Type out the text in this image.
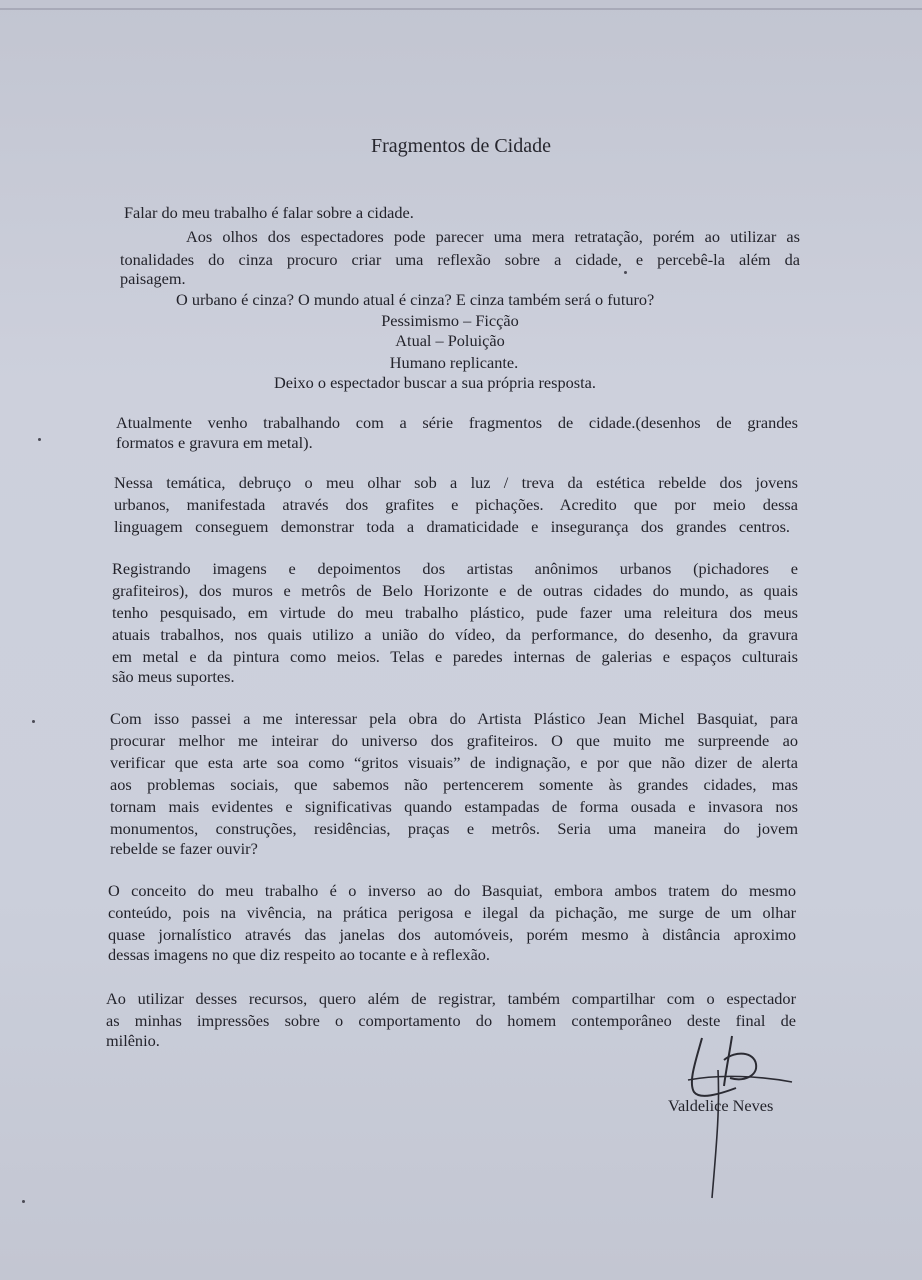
Fragmentos de Cidade
Falar do meu trabalho é falar sobre a cidade.
Aos olhos dos espectadores pode parecer uma mera retratação, porém ao utilizar as
tonalidades do cinza procuro criar uma reflexão sobre a cidade, e percebê-la além da
paisagem.
O urbano é cinza? O mundo atual é cinza? E cinza também será o futuro?
Pessimismo – Ficção
Atual – Poluição
Humano replicante.
Deixo o espectador buscar a sua própria resposta.
Atualmente venho trabalhando com a série fragmentos de cidade.(desenhos de grandes
formatos e gravura em metal).
Nessa temática, debruço o meu olhar sob a luz / treva da estética rebelde dos jovens
urbanos, manifestada através dos grafites e pichações. Acredito que por meio dessa
linguagem conseguem demonstrar toda a dramaticidade e insegurança dos grandes centros.
Registrando imagens e depoimentos dos artistas anônimos urbanos (pichadores e
grafiteiros), dos muros e metrôs de Belo Horizonte e de outras cidades do mundo, as quais
tenho pesquisado, em virtude do meu trabalho plástico, pude fazer uma releitura dos meus
atuais trabalhos, nos quais utilizo a união do vídeo, da performance, do desenho, da gravura
em metal e da pintura como meios. Telas e paredes internas de galerias e espaços culturais
são meus suportes.
Com isso passei a me interessar pela obra do Artista Plástico Jean Michel Basquiat, para
procurar melhor me inteirar do universo dos grafiteiros. O que muito me surpreende ao
verificar que esta arte soa como “gritos visuais” de indignação, e por que não dizer de alerta
aos problemas sociais, que sabemos não pertencerem somente às grandes cidades, mas
tornam mais evidentes e significativas quando estampadas de forma ousada e invasora nos
monumentos, construções, residências, praças e metrôs. Seria uma maneira do jovem
rebelde se fazer ouvir?
O conceito do meu trabalho é o inverso ao do Basquiat, embora ambos tratem do mesmo
conteúdo, pois na vivência, na prática perigosa e ilegal da pichação, me surge de um olhar
quase jornalístico através das janelas dos automóveis, porém mesmo à distância aproximo
dessas imagens no que diz respeito ao tocante e à reflexão.
Ao utilizar desses recursos, quero além de registrar, também compartilhar com o espectador
as minhas impressões sobre o comportamento do homem contemporâneo deste final de
milênio.
Valdelice Neves
